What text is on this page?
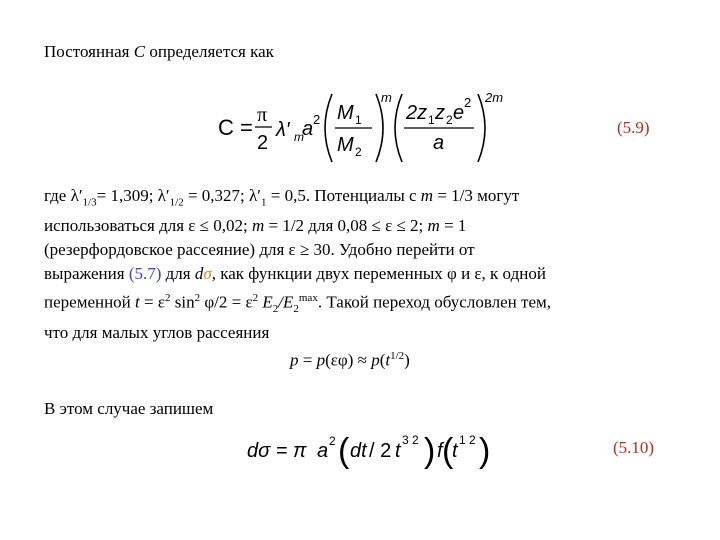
Постоянная C определяется как
C = π
2
λ′ m
a 2 M 1
M 2
m
2z 1 z 2 e 2
a
2m
(5.9)
где $\lambda'_{1/3}= 1,309$; $\lambda'_{1/2} = 0,327$; $\lambda'_1 = 0,5$. Потенциалы с m = 1/3 могут
использоваться для ε ≤ 0,02; m = 1/2 для 0,08 ≤ ε ≤ 2; m = 1
(резерфордовское рассеяние) для ε ≥ 30. Удобно перейти от
выражения (5.7) для dσ, как функции двух переменных φ и ε, к одной
переменной $t = \varepsilon^2$ $\sin^2 \varphi/2 = \varepsilon^2$ $E_2/E_2^{max}$. Такой переход обусловлен тем,
что для малых углов рассеяния
$p = p(\varepsilon\varphi) \approx p(t^{1/2})$
В этом случае запишем
dσ = π a 2 ( dt / 2 t 3 2 ) f (
t 1 2 )	(5.10)
